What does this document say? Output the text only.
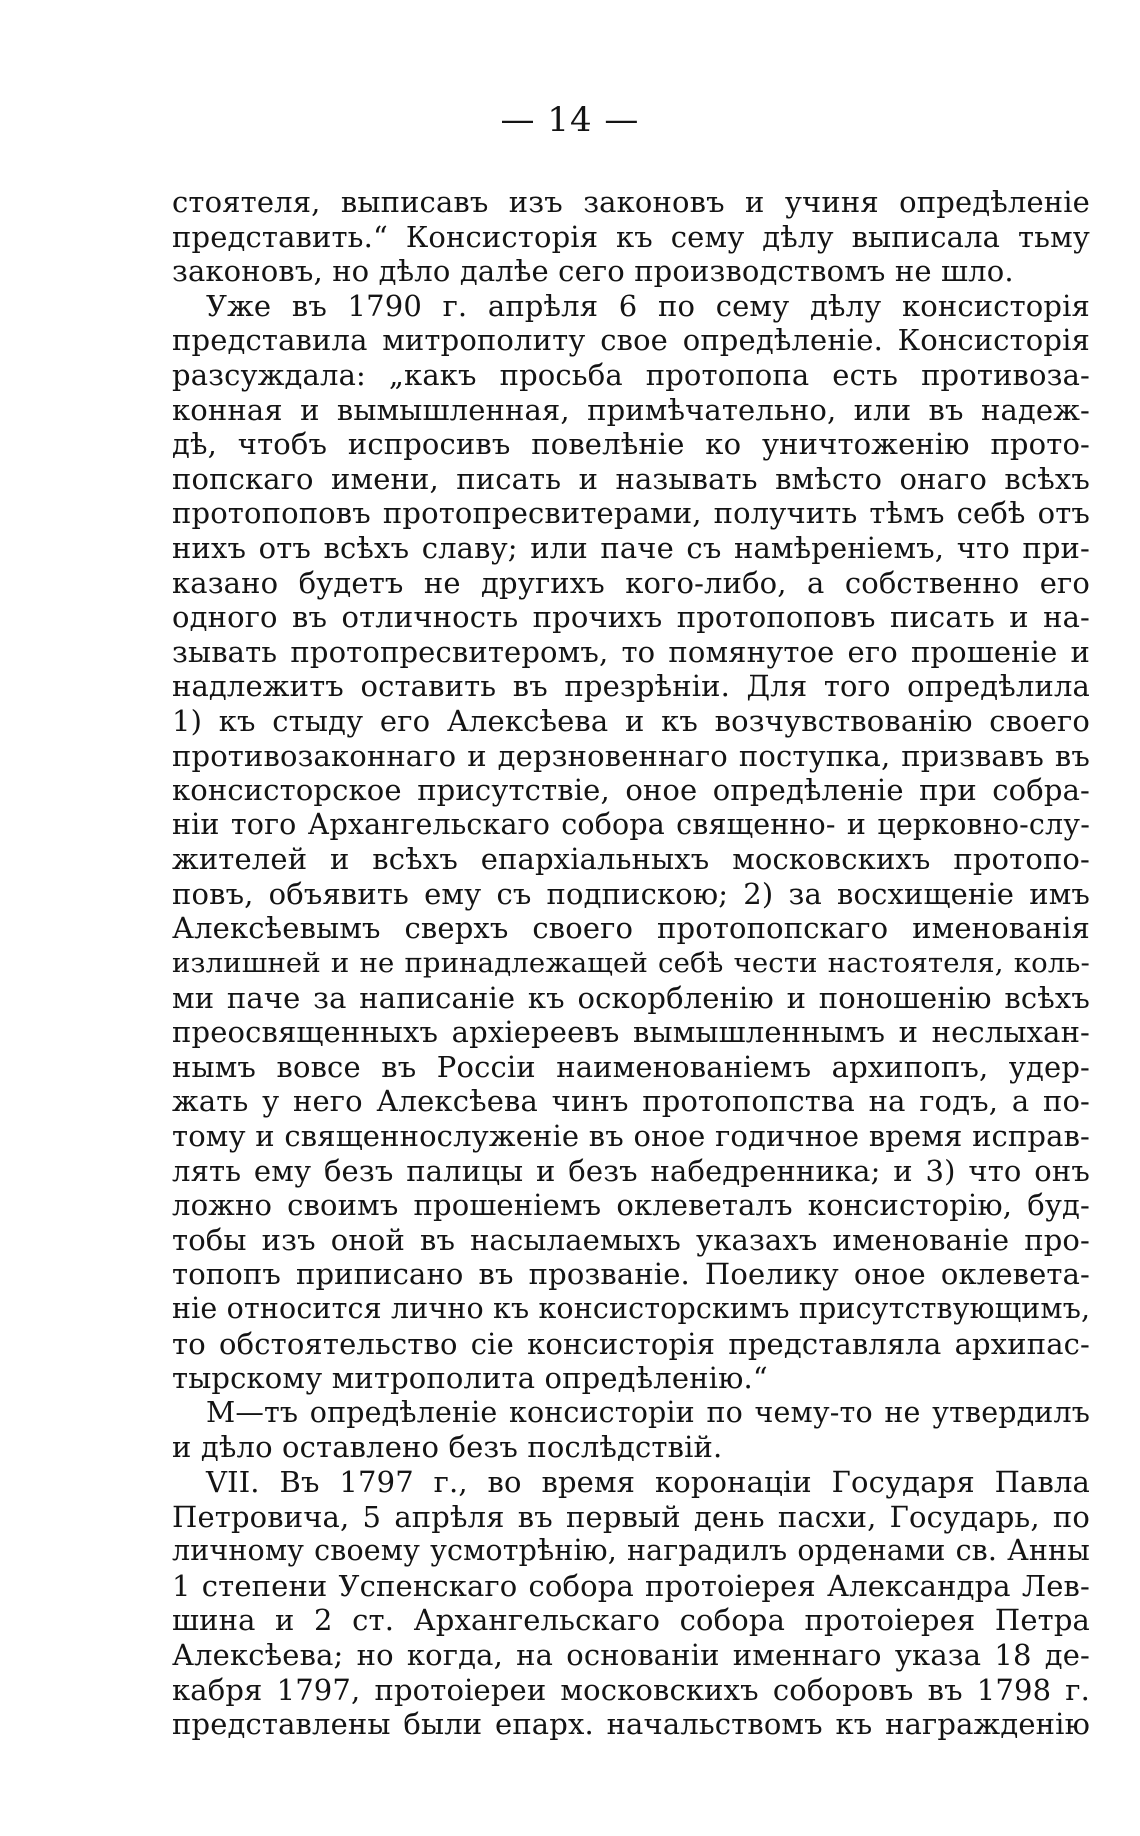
— 14 —
стоятеля, выписавъ изъ законовъ и учиня опредѣленіе
представить.“ Консисторія къ сему дѣлу выписала тьму
законовъ, но дѣло далѣе сего производствомъ не шло.
Уже въ 1790 г. апрѣля 6 по сему дѣлу консисторія
представила митрополиту свое опредѣленіе. Консисторія
разсуждала: „какъ просьба протопопа есть противоза-
конная и вымышленная, примѣчательно, или въ надеж-
дѣ, чтобъ испросивъ повелѣніе ко уничтоженію прото-
попскаго имени, писать и называть вмѣсто онаго всѣхъ
протопоповъ протопресвитерами, получить тѣмъ себѣ отъ
нихъ отъ всѣхъ славу; или паче съ намѣреніемъ, что при-
казано будетъ не другихъ кого-либо, а собственно его
одного въ отличность прочихъ протопоповъ писать и на-
зывать протопресвитеромъ, то помянутое его прошеніе и
надлежитъ оставить въ презрѣніи. Для того опредѣлила
1) къ стыду его Алексѣева и къ возчувствованію своего
противозаконнаго и дерзновеннаго поступка, призвавъ въ
консисторское присутствіе, оное опредѣленіе при собра-
ніи того Архангельскаго собора священно- и церковно-слу-
жителей и всѣхъ епархіальныхъ московскихъ протопо-
повъ, объявить ему съ подпискою; 2) за восхищеніе имъ
Алексѣевымъ сверхъ своего протопопскаго именованія
излишней и не принадлежащей себѣ чести настоятеля, коль-
ми паче за написаніе къ оскорбленію и поношенію всѣхъ
преосвященныхъ архіереевъ вымышленнымъ и неслыхан-
нымъ вовсе въ Россіи наименованіемъ архипопъ, удер-
жать у него Алексѣева чинъ протопопства на годъ, а по-
тому и священнослуженіе въ оное годичное время исправ-
лять ему безъ палицы и безъ набедренника; и 3) что онъ
ложно своимъ прошеніемъ оклеветалъ консисторію, буд-
тобы изъ оной въ насылаемыхъ указахъ именованіе про-
топопъ приписано въ прозваніе. Поелику оное оклевета-
ніе относится лично къ консисторскимъ присутствующимъ,
то обстоятельство сіе консисторія представляла архипас-
тырскому митрополита опредѣленію.“
М—тъ опредѣленіе консисторіи по чему-то не утвердилъ
и дѣло оставлено безъ послѣдствій.
VII. Въ 1797 г., во время коронаціи Государя Павла
Петровича, 5 апрѣля въ первый день пасхи, Государь, по
личному своему усмотрѣнію, наградилъ орденами св. Анны
1 степени Успенскаго собора протоіерея Александра Лев-
шина и 2 ст. Архангельскаго собора протоіерея Петра
Алексѣева; но когда, на основаніи именнаго указа 18 де-
кабря 1797, протоіереи московскихъ соборовъ въ 1798 г.
представлены были епарх. начальствомъ къ награжденію
